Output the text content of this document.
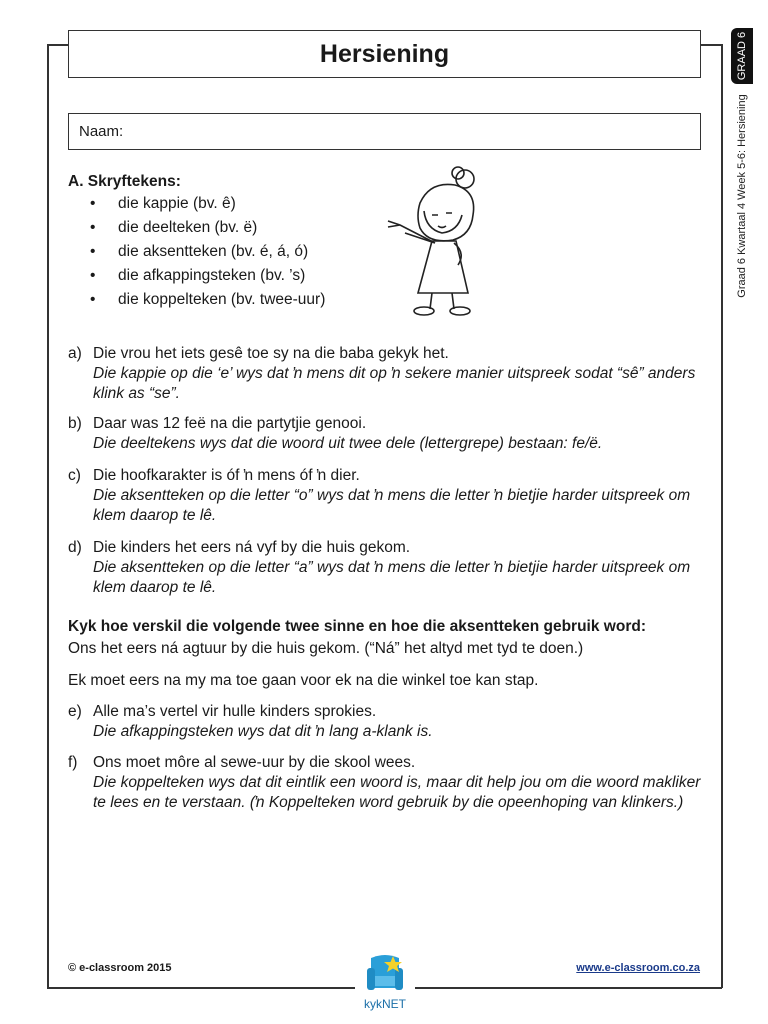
Hersiening
Naam:
GRAAD 6
Graad 6 Kwartaal 4 Week 5-6: Hersiening
A. Skryftekens:
• die kappie (bv. ê)
• die deelteken (bv. ë)
• die aksentteken (bv. é, á, ó)
• die afkappingsteken (bv. ’s)
• die koppelteken (bv. twee-uur)
a) Die vrou het iets gesê toe sy na die baba gekyk het.
Die kappie op die ‘e’ wys dat ŉ mens dit op ŉ sekere manier uitspreek sodat “sê” anders klink as “se”.
b) Daar was 12 feë na die partytjie genooi.
Die deeltekens wys dat die woord uit twee dele (lettergrepe) bestaan: fe/ë.
c) Die hoofkarakter is óf ŉ mens óf ŉ dier.
Die aksentteken op die letter “o” wys dat ŉ mens die letter ŉ bietjie harder uitspreek om klem daarop te lê.
d) Die kinders het eers ná vyf by die huis gekom.
Die aksentteken op die letter “a” wys dat ŉ mens die letter ŉ bietjie harder uitspreek om klem daarop te lê.
Kyk hoe verskil die volgende twee sinne en hoe die aksentteken gebruik word:
Ons het eers ná agtuur by die huis gekom. (“Ná” het altyd met tyd te doen.)
Ek moet eers na my ma toe gaan voor ek na die winkel toe kan stap.
e) Alle ma’s vertel vir hulle kinders sprokies.
Die afkappingsteken wys dat dit ŉ lang a-klank is.
f) Ons moet môre al sewe-uur by die skool wees.
Die koppelteken wys dat dit eintlik een woord is, maar dit help jou om die woord makliker te lees en te verstaan. (ŉ Koppelteken word gebruik by die opeenhoping van klinkers.)
© e-classroom 2015	www.e-classroom.co.za
kykNET
